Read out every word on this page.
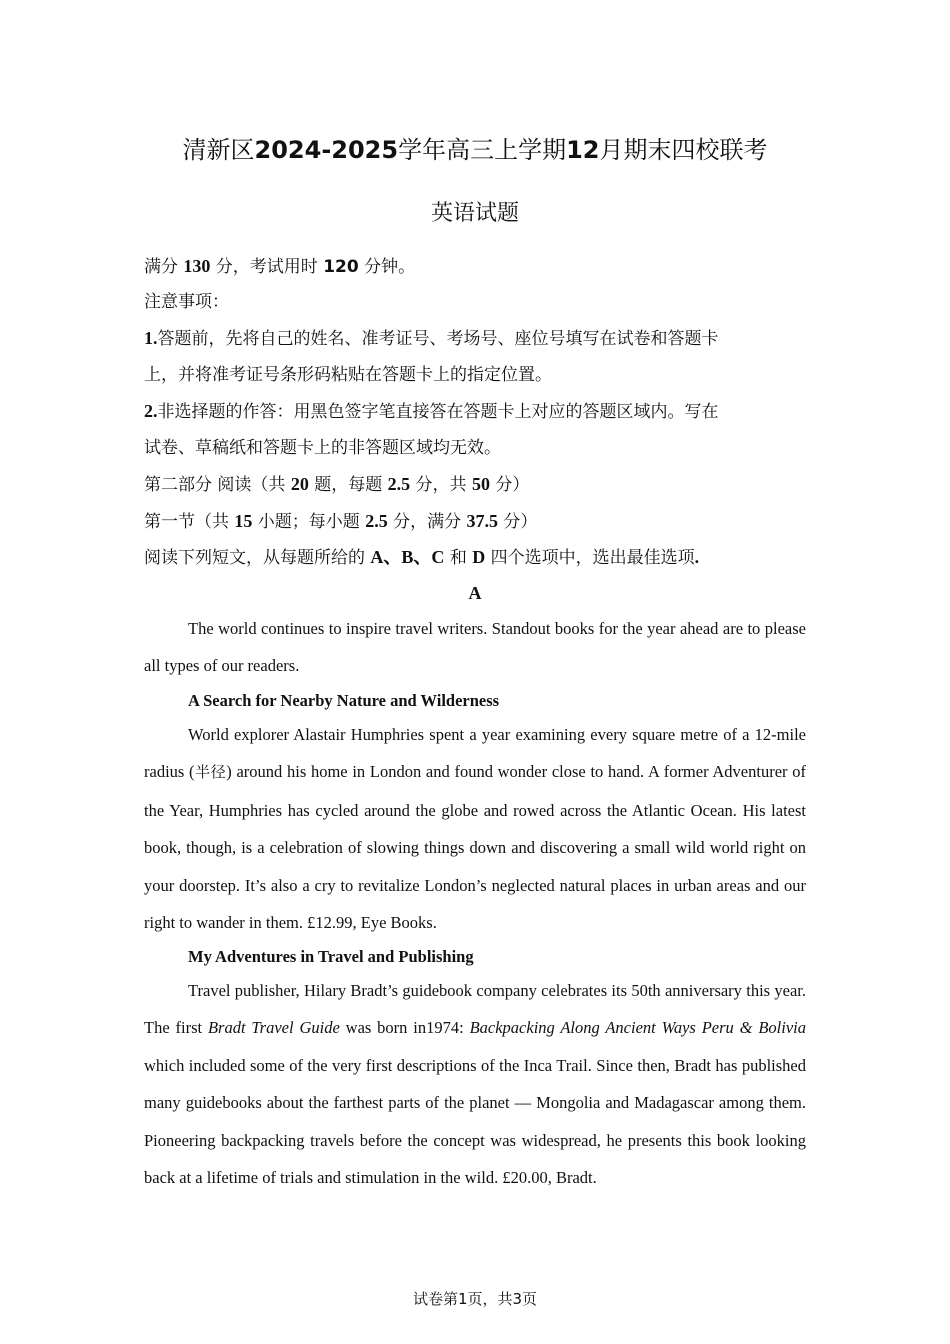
清新区2024-2025学年高三上学期12月期末四校联考
英语试题
满分 130 分，考试用时 120 分钟。
注意事项：
1.答题前，先将自己的姓名、准考证号、考场号、座位号填写在试卷和答题卡
上，并将准考证号条形码粘贴在答题卡上的指定位置。
2.非选择题的作答：用黑色签字笔直接答在答题卡上对应的答题区域内。写在
试卷、草稿纸和答题卡上的非答题区域均无效。
第二部分 阅读（共 20 题，每题 2.5 分，共 50 分）
第一节（共 15 小题；每小题 2.5 分，满分 37.5 分）
阅读下列短文，从每题所给的 A、B、C 和 D 四个选项中，选出最佳选项.
A

The world continues to inspire travel writers. Standout books for the year ahead are to please all types of our readers.

A Search for Nearby Nature and Wilderness

World explorer Alastair Humphries spent a year examining every square metre of a 12-mile radius (半径) around his home in London and found wonder close to hand. A former Adventurer of the Year, Humphries has cycled around the globe and rowed across the Atlantic Ocean. His latest book, though, is a celebration of slowing things down and discovering a small wild world right on your doorstep. It’s also a cry to revitalize London’s neglected natural places in urban areas and our right to wander in them. £12.99, Eye Books.

My Adventures in Travel and Publishing

Travel publisher, Hilary Bradt’s guidebook company celebrates its 50th anniversary this year. The first Bradt Travel Guide was born in1974: Backpacking Along Ancient Ways Peru & Bolivia which included some of the very first descriptions of the Inca Trail. Since then, Bradt has published many guidebooks about the farthest parts of the planet — Mongolia and Madagascar among them. Pioneering backpacking travels before the concept was widespread, he presents this book looking back at a lifetime of trials and stimulation in the wild. £20.00, Bradt.

试卷第1页，共3页
